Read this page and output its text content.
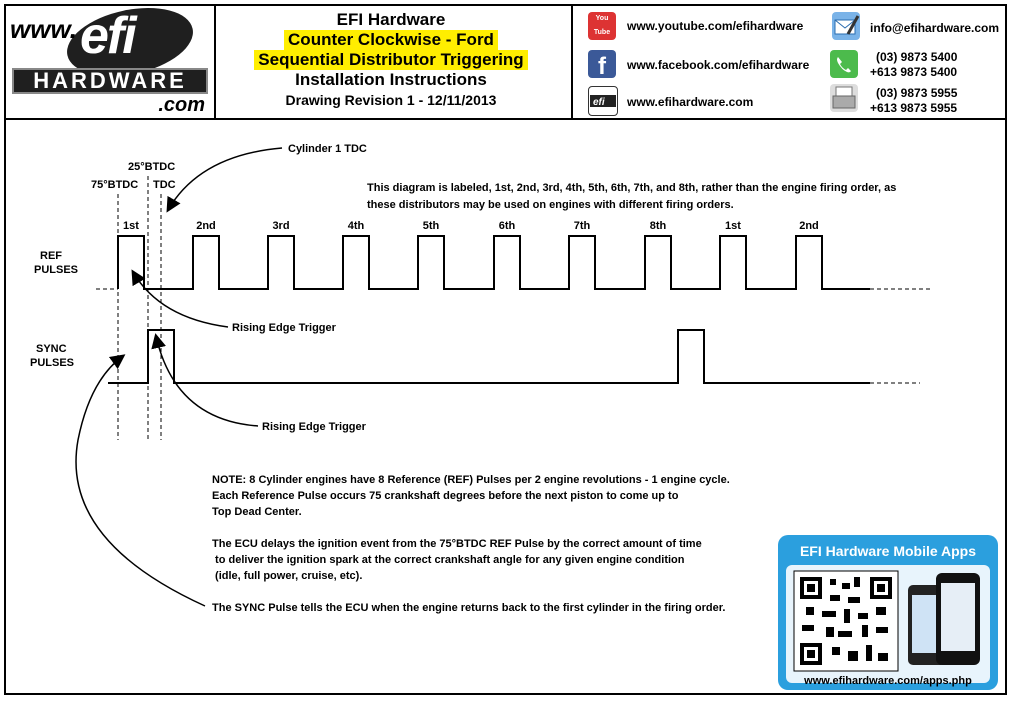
www. efi
HARDWARE
.com
EFI Hardware
Counter Clockwise - Ford
Sequential Distributor Triggering
Installation Instructions
Drawing Revision 1 - 12/11/2013
You Tube	www.youtube.com/efihardware
f www.facebook.com/efihardware
efi www.efihardware.com
info@efihardware.com
(03) 9873 5400
+613 9873 5400
(03) 9873 5955
+613 9873 5955
Cylinder 1 TDC
25°BTDC
75°BTDC TDC	This diagram is labeled, 1st, 2nd, 3rd, 4th, 5th, 6th, 7th, and 8th, rather than the engine firing order, as
these distributors may be used on engines with different firing orders.
REF
PULSES
SYNC
PULSES
Rising Edge Trigger
Rising Edge Trigger
1st	2nd	3rd	4th	5th	6th	7th	8th	1st	2nd
NOTE: 8 Cylinder engines have 8 Reference (REF) Pulses per 2 engine revolutions - 1 engine cycle.
Each Reference Pulse occurs 75 crankshaft degrees before the next piston to come up to
Top Dead Center.
The ECU delays the ignition event from the 75°BTDC REF Pulse by the correct amount of time
to deliver the ignition spark at the correct crankshaft angle for any given engine condition
(idle, full power, cruise, etc).
The SYNC Pulse tells the ECU when the engine returns back to the first cylinder in the firing order.
EFI Hardware Mobile Apps
www.efihardware.com/apps.php
